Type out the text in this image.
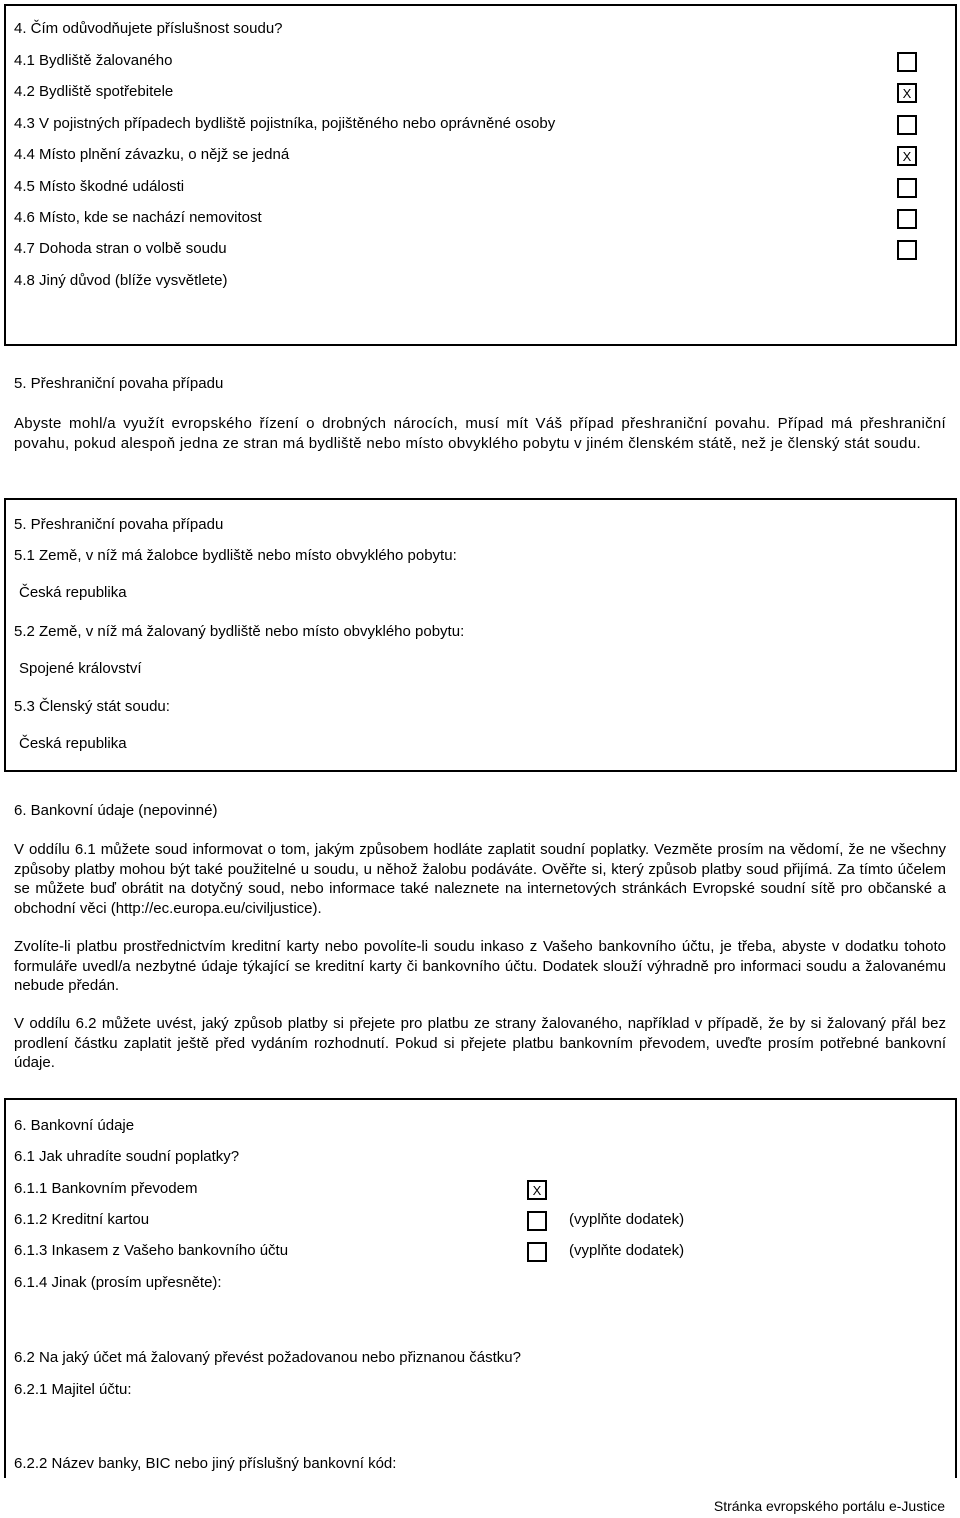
4. Čím odůvodňujete příslušnost soudu?
4.1 Bydliště žalovaného
4.2 Bydliště spotřebitele	X
4.3 V pojistných případech bydliště pojistníka, pojištěného nebo oprávněné osoby
4.4 Místo plnění závazku, o nějž se jedná	X
4.5 Místo škodné události
4.6 Místo, kde se nachází nemovitost
4.7 Dohoda stran o volbě soudu
4.8 Jiný důvod (blíže vysvětlete)
5. Přeshraniční povaha případu
Abyste mohl/a využít evropského řízení o drobných nárocích, musí mít Váš případ přeshraniční povahu. Případ má přeshraniční povahu, pokud alespoň jedna ze stran má bydliště nebo místo obvyklého pobytu v jiném členském státě, než je členský stát soudu.
5. Přeshraniční povaha případu
5.1 Země, v níž má žalobce bydliště nebo místo obvyklého pobytu:
Česká republika
5.2 Země, v níž má žalovaný bydliště nebo místo obvyklého pobytu:
Spojené království
5.3 Členský stát soudu:
Česká republika
6. Bankovní údaje (nepovinné)
V oddílu 6.1 můžete soud informovat o tom, jakým způsobem hodláte zaplatit soudní poplatky. Vezměte prosím na vědomí, že ne všechny způsoby platby mohou být také použitelné u soudu, u něhož žalobu podáváte. Ověřte si, který způsob platby soud přijímá. Za tímto účelem se můžete buď obrátit na dotyčný soud, nebo informace také naleznete na internetových stránkách Evropské soudní sítě pro občanské a obchodní věci (http://ec.europa.eu/civiljustice).
Zvolíte-li platbu prostřednictvím kreditní karty nebo povolíte-li soudu inkaso z Vašeho bankovního účtu, je třeba, abyste v dodatku tohoto formuláře uvedl/a nezbytné údaje týkající se kreditní karty či bankovního účtu. Dodatek slouží výhradně pro informaci soudu a žalovanému nebude předán.
V oddílu 6.2 můžete uvést, jaký způsob platby si přejete pro platbu ze strany žalovaného, například v případě, že by si žalovaný přál bez prodlení částku zaplatit ještě před vydáním rozhodnutí. Pokud si přejete platbu bankovním převodem, uveďte prosím potřebné bankovní údaje.
6. Bankovní údaje
6.1 Jak uhradíte soudní poplatky?
6.1.1 Bankovním převodem	X
6.1.2 Kreditní kartou	(vyplňte dodatek)
6.1.3 Inkasem z Vašeho bankovního účtu	(vyplňte dodatek)
6.1.4 Jinak (prosím upřesněte):
6.2 Na jaký účet má žalovaný převést požadovanou nebo přiznanou částku?
6.2.1 Majitel účtu:
6.2.2 Název banky, BIC nebo jiný příslušný bankovní kód:
Stránka evropského portálu e-Justice
